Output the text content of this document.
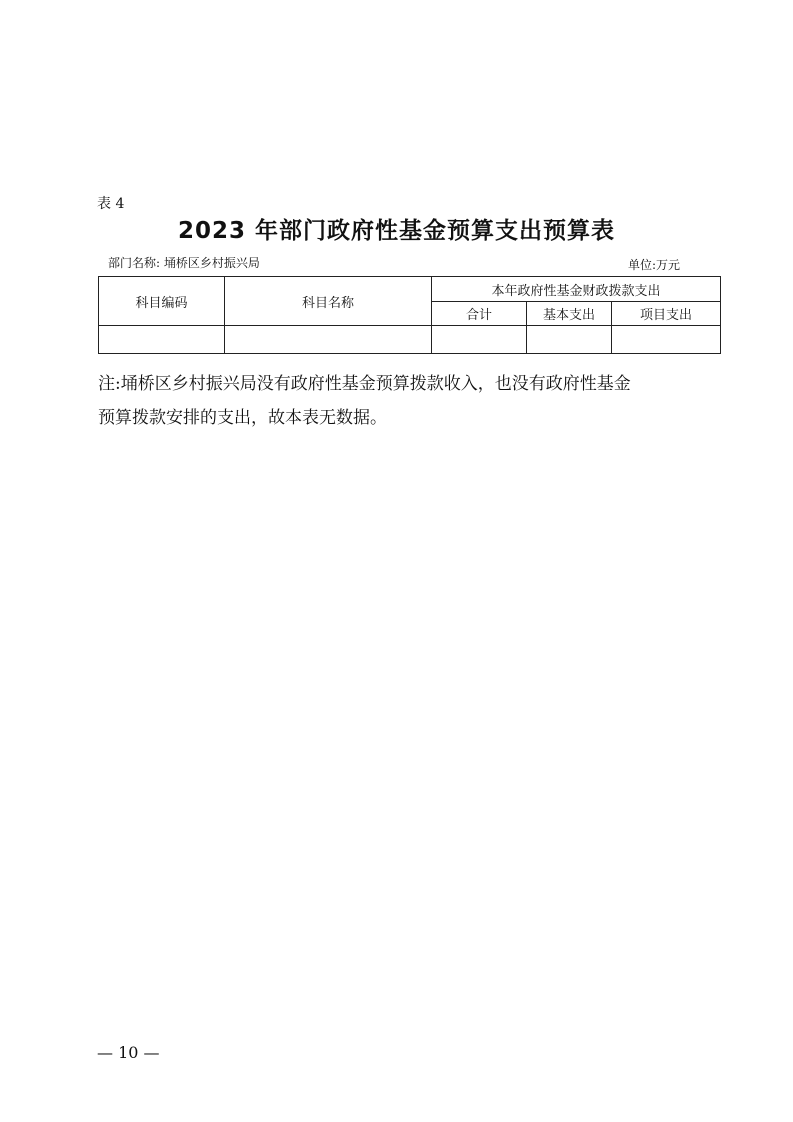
表 4
2023 年部门政府性基金预算支出预算表
部门名称: 埇桥区乡村振兴局	单位:万元
科目编码	科目名称	本年政府性基金财政拨款支出		
		合计	基本支出	项目支出

注:埇桥区乡村振兴局没有政府性基金预算拨款收入，也没有政府性基金

预算拨款安排的支出，故本表无数据。

— 10 —
